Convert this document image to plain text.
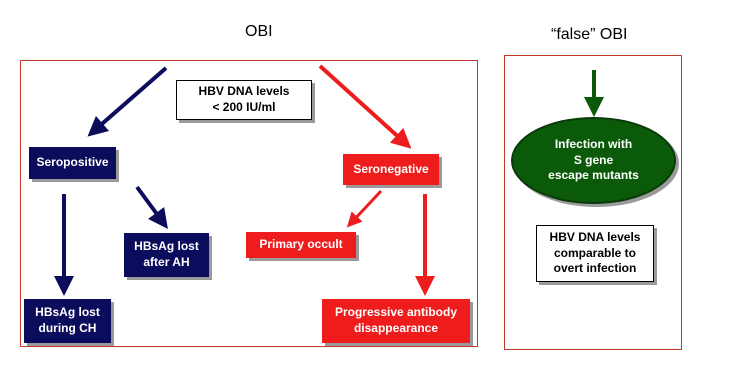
OBI	“false” OBI
HBV DNA levels
< 200 IU/ml
Seropositive	Seronegative
HBsAg lost
after AH
Primary occult
HBsAg lost
during CH
Progressive antibody
disappearance
Infection with
S gene
escape mutants
HBV DNA levels
comparable to
overt infection
